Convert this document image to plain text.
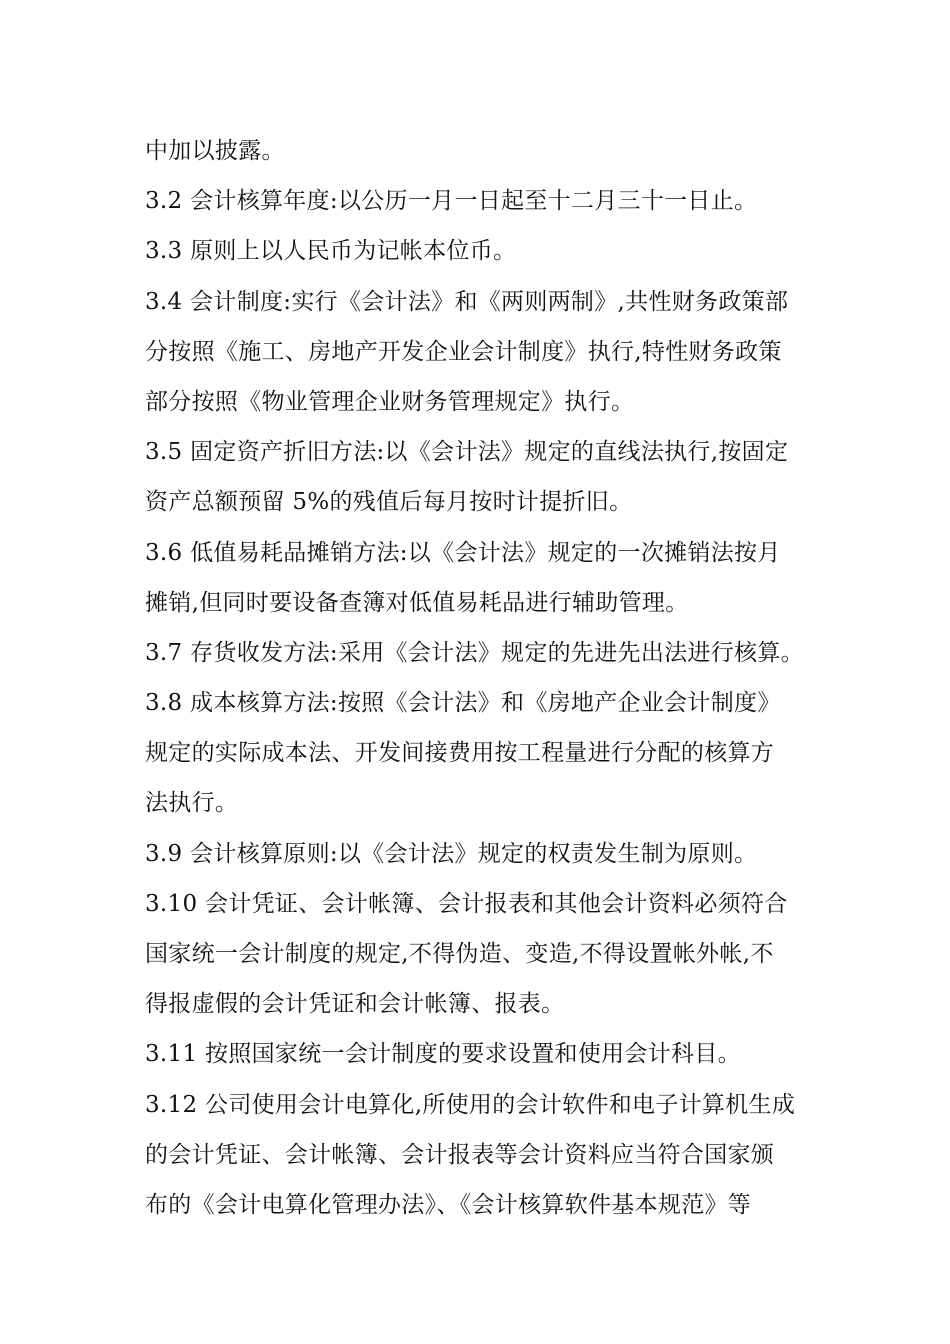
中加以披露。
3.2 会计核算年度:以公历一月一日起至十二月三十一日止。
3.3 原则上以人民币为记帐本位币。
3.4 会计制度:实行《会计法》和《两则两制》,共性财务政策部
分按照《施工、房地产开发企业会计制度》执行,特性财务政策
部分按照《物业管理企业财务管理规定》执行。
3.5 固定资产折旧方法:以《会计法》规定的直线法执行,按固定
资产总额预留 5%的残值后每月按时计提折旧。
3.6 低值易耗品摊销方法:以《会计法》规定的一次摊销法按月
摊销,但同时要设备查簿对低值易耗品进行辅助管理。
3.7 存货收发方法:采用《会计法》规定的先进先出法进行核算。
3.8 成本核算方法:按照《会计法》和《房地产企业会计制度》
规定的实际成本法、开发间接费用按工程量进行分配的核算方
法执行。
3.9 会计核算原则:以《会计法》规定的权责发生制为原则。
3.10 会计凭证、会计帐簿、会计报表和其他会计资料必须符合
国家统一会计制度的规定,不得伪造、变造,不得设置帐外帐,不
得报虚假的会计凭证和会计帐簿、报表。
3.11 按照国家统一会计制度的要求设置和使用会计科目。
3.12 公司使用会计电算化,所使用的会计软件和电子计算机生成
的会计凭证、会计帐簿、会计报表等会计资料应当符合国家颁
布的《会计电算化管理办法》、《会计核算软件基本规范》等
